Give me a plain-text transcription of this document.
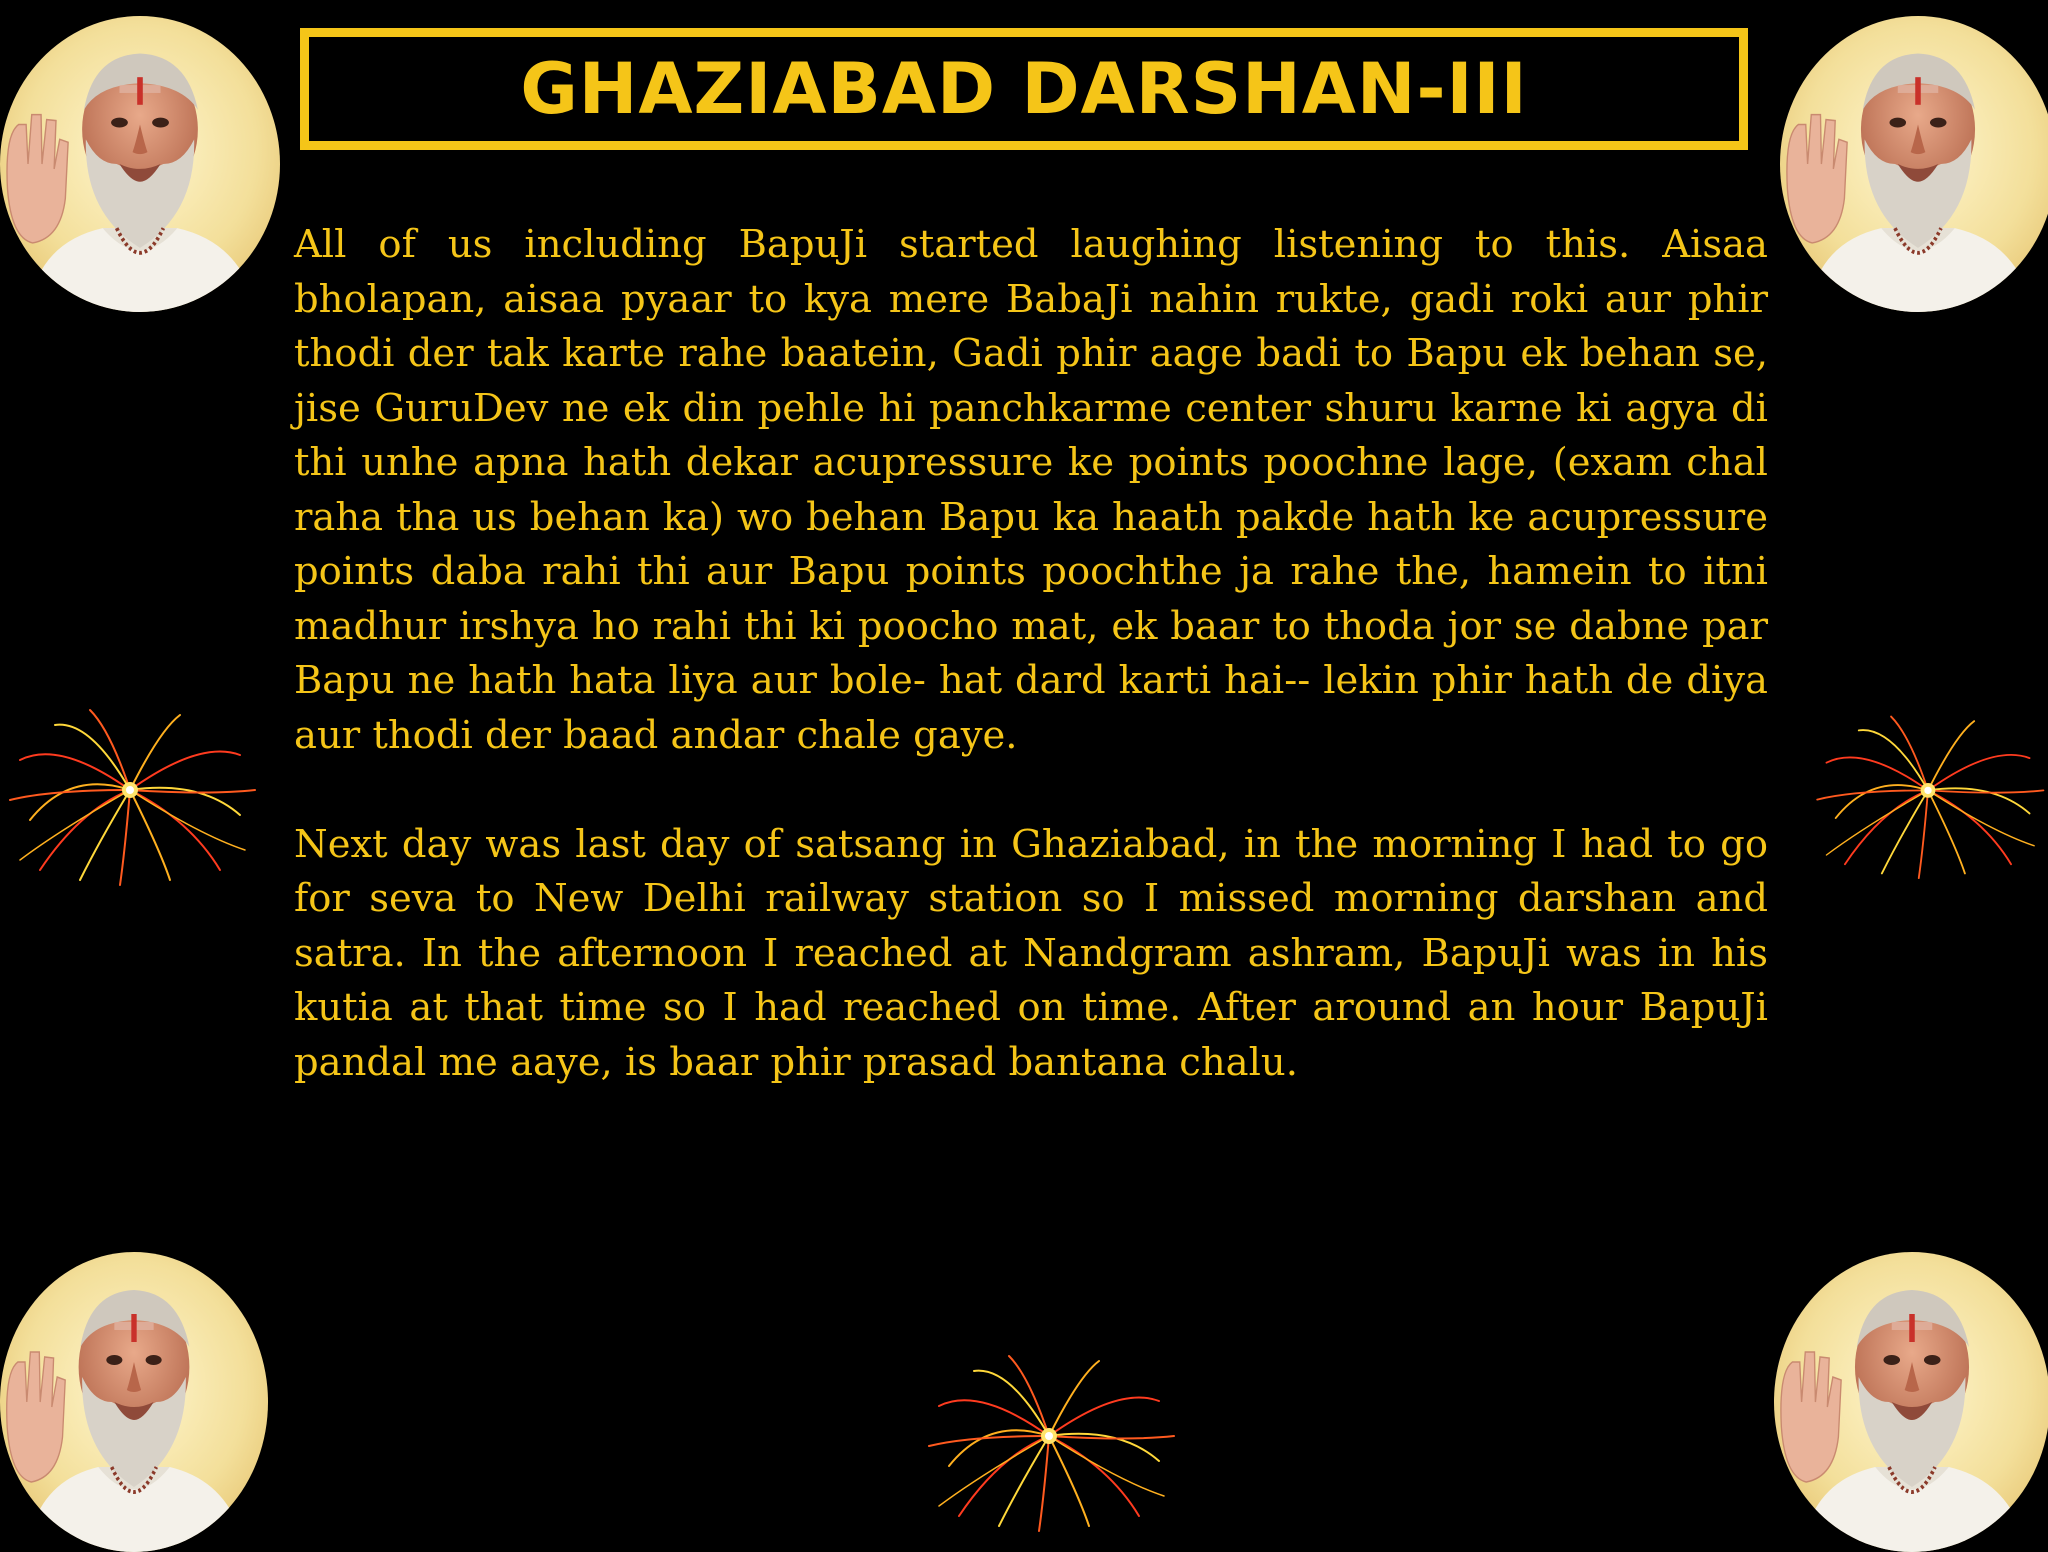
GHAZIABAD DARSHAN-III

All of us including BapuJi started laughing listening to this. Aisaa bholapan, aisaa pyaar to kya mere BabaJi nahin rukte, gadi roki aur phir thodi der tak karte rahe baatein, Gadi phir aage badi to Bapu ek behan se, jise GuruDev ne ek din pehle hi panchkarme center shuru karne ki agya di thi unhe apna hath dekar acupressure ke points poochne lage, (exam chal raha tha us behan ka) wo behan Bapu ka haath pakde hath ke acupressure points daba rahi thi aur Bapu points poochthe ja rahe the, hamein to itni madhur irshya ho rahi thi ki poocho mat, ek baar to thoda jor se dabne par Bapu ne hath hata liya aur bole- hat dard karti hai-- lekin phir hath de diya aur thodi der baad andar chale gaye.

Next day was last day of satsang in Ghaziabad, in the morning I had to go for seva to New Delhi railway station so I missed morning darshan and satra. In the afternoon I reached at Nandgram ashram, BapuJi was in his kutia at that time so I had reached on time. After around an hour BapuJi pandal me aaye, is baar phir prasad bantana chalu.
